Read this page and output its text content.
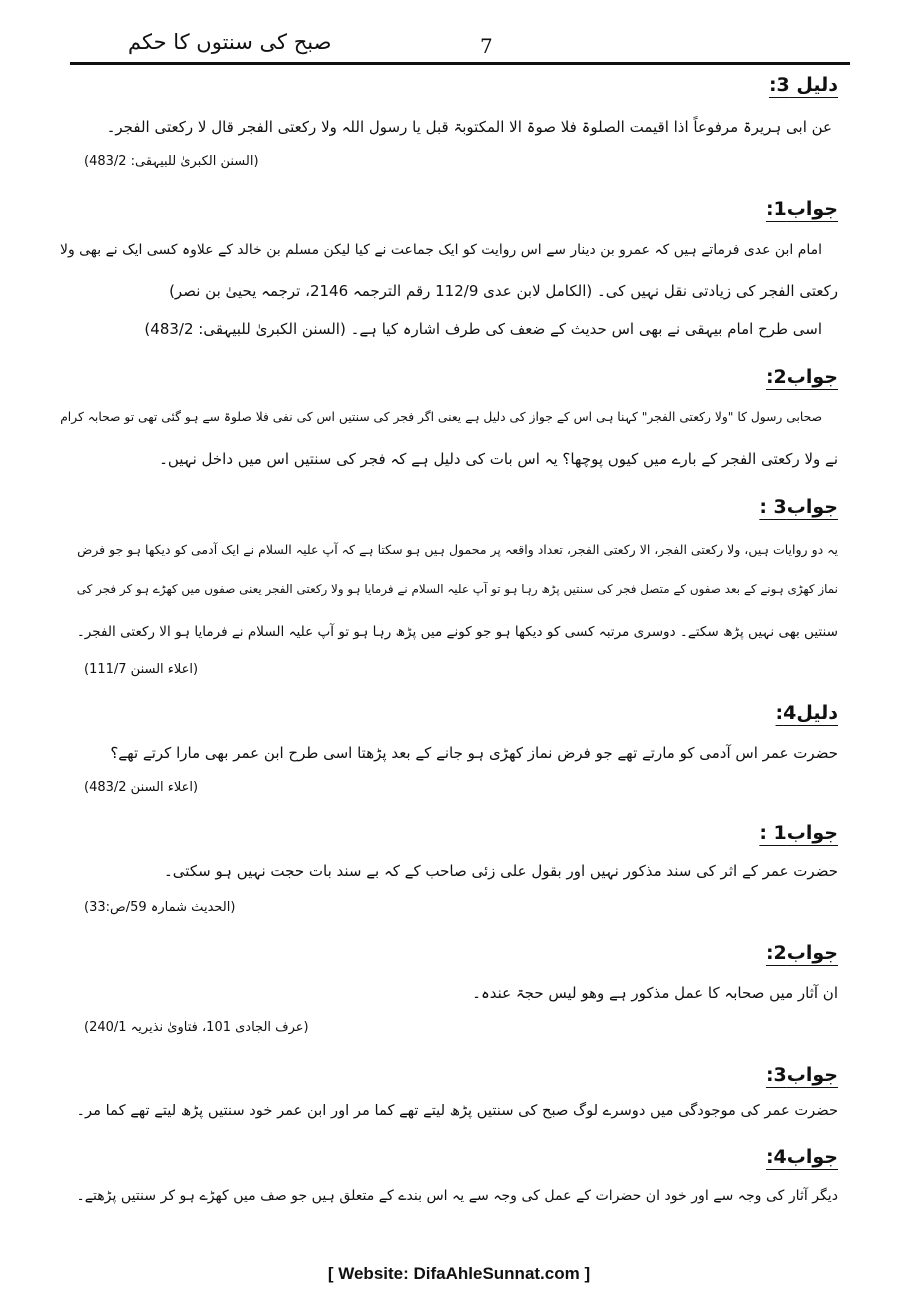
صبح کی سنتوں کا حکم	7
دلیل 3:
عن ابی ہریرۃ مرفوعاً اذا اقیمت الصلوۃ فلا صوۃ الا المکتوبۃ قبل یا رسول اللہ ولا رکعتی الفجر قال لا رکعتی الفجر۔
(السنن الکبریٰ للبیہقی: 483/2)
جواب1:
امام ابن عدی فرماتے ہیں کہ عمرو بن دینار سے اس روایت کو ایک جماعت نے کیا لیکن مسلم بن خالد کے علاوہ کسی ایک نے بھی ولا
رکعتی الفجر کی زیادتی نقل نہیں کی۔ (الکامل لابن عدی 112/9 رقم الترجمہ 2146، ترجمہ یحییٰ بن نصر)
اسی طرح امام بیہقی نے بھی اس حدیث کے ضعف کی طرف اشارہ کیا ہے۔ (السنن الکبریٰ للبیہقی: 483/2)
جواب2:
صحابی رسول کا "ولا رکعتی الفجر" کہنا ہی اس کے جواز کی دلیل ہے یعنی اگر فجر کی سنتیں اس کی نفی فلا صلوۃ سے ہو گئی تھی تو صحابہ کرام
نے ولا رکعتی الفجر کے بارے میں کیوں پوچھا؟ یہ اس بات کی دلیل ہے کہ فجر کی سنتیں اس میں داخل نہیں۔
جواب3 :
یہ دو روایات ہیں، ولا رکعتی الفجر، الا رکعتی الفجر، تعداد واقعہ پر محمول ہیں ہو سکتا ہے کہ آپ علیہ السلام نے ایک آدمی کو دیکھا ہو جو فرض
نماز کھڑی ہونے کے بعد صفوں کے متصل فجر کی سنتیں پڑھ رہا ہو تو آپ علیہ السلام نے فرمایا ہو ولا رکعتی الفجر یعنی صفوں میں کھڑے ہو کر فجر کی
سنتیں بھی نہیں پڑھ سکتے۔ دوسری مرتبہ کسی کو دیکھا ہو جو کونے میں پڑھ رہا ہو تو آپ علیہ السلام نے فرمایا ہو الا رکعتی الفجر۔
(اعلاء السنن 111/7)
دلیل4:
حضرت عمر اس آدمی کو مارتے تھے جو فرض نماز کھڑی ہو جانے کے بعد پڑھتا اسی طرح ابن عمر بھی مارا کرتے تھے؟
(اعلاء السنن 483/2)
جواب1 :
حضرت عمر کے اثر کی سند مذکور نہیں اور بقول علی زئی صاحب کے کہ بے سند بات حجت نہیں ہو سکتی۔
(الحدیث شمارہ 59/ص:33)
جواب2:
ان آثار میں صحابہ کا عمل مذکور ہے وھو لیس حجۃ عندہ۔
(عرف الجادی 101، فتاویٰ نذیریہ 240/1)
جواب3:
حضرت عمر کی موجودگی میں دوسرے لوگ صبح کی سنتیں پڑھ لیتے تھے کما مر اور ابن عمر خود سنتیں پڑھ لیتے تھے کما مر۔
جواب4:
دیگر آثار کی وجہ سے اور خود ان حضرات کے عمل کی وجہ سے یہ اس بندے کے متعلق ہیں جو صف میں کھڑے ہو کر سنتیں پڑھتے۔
[ Website: DifaAhleSunnat.com ]
